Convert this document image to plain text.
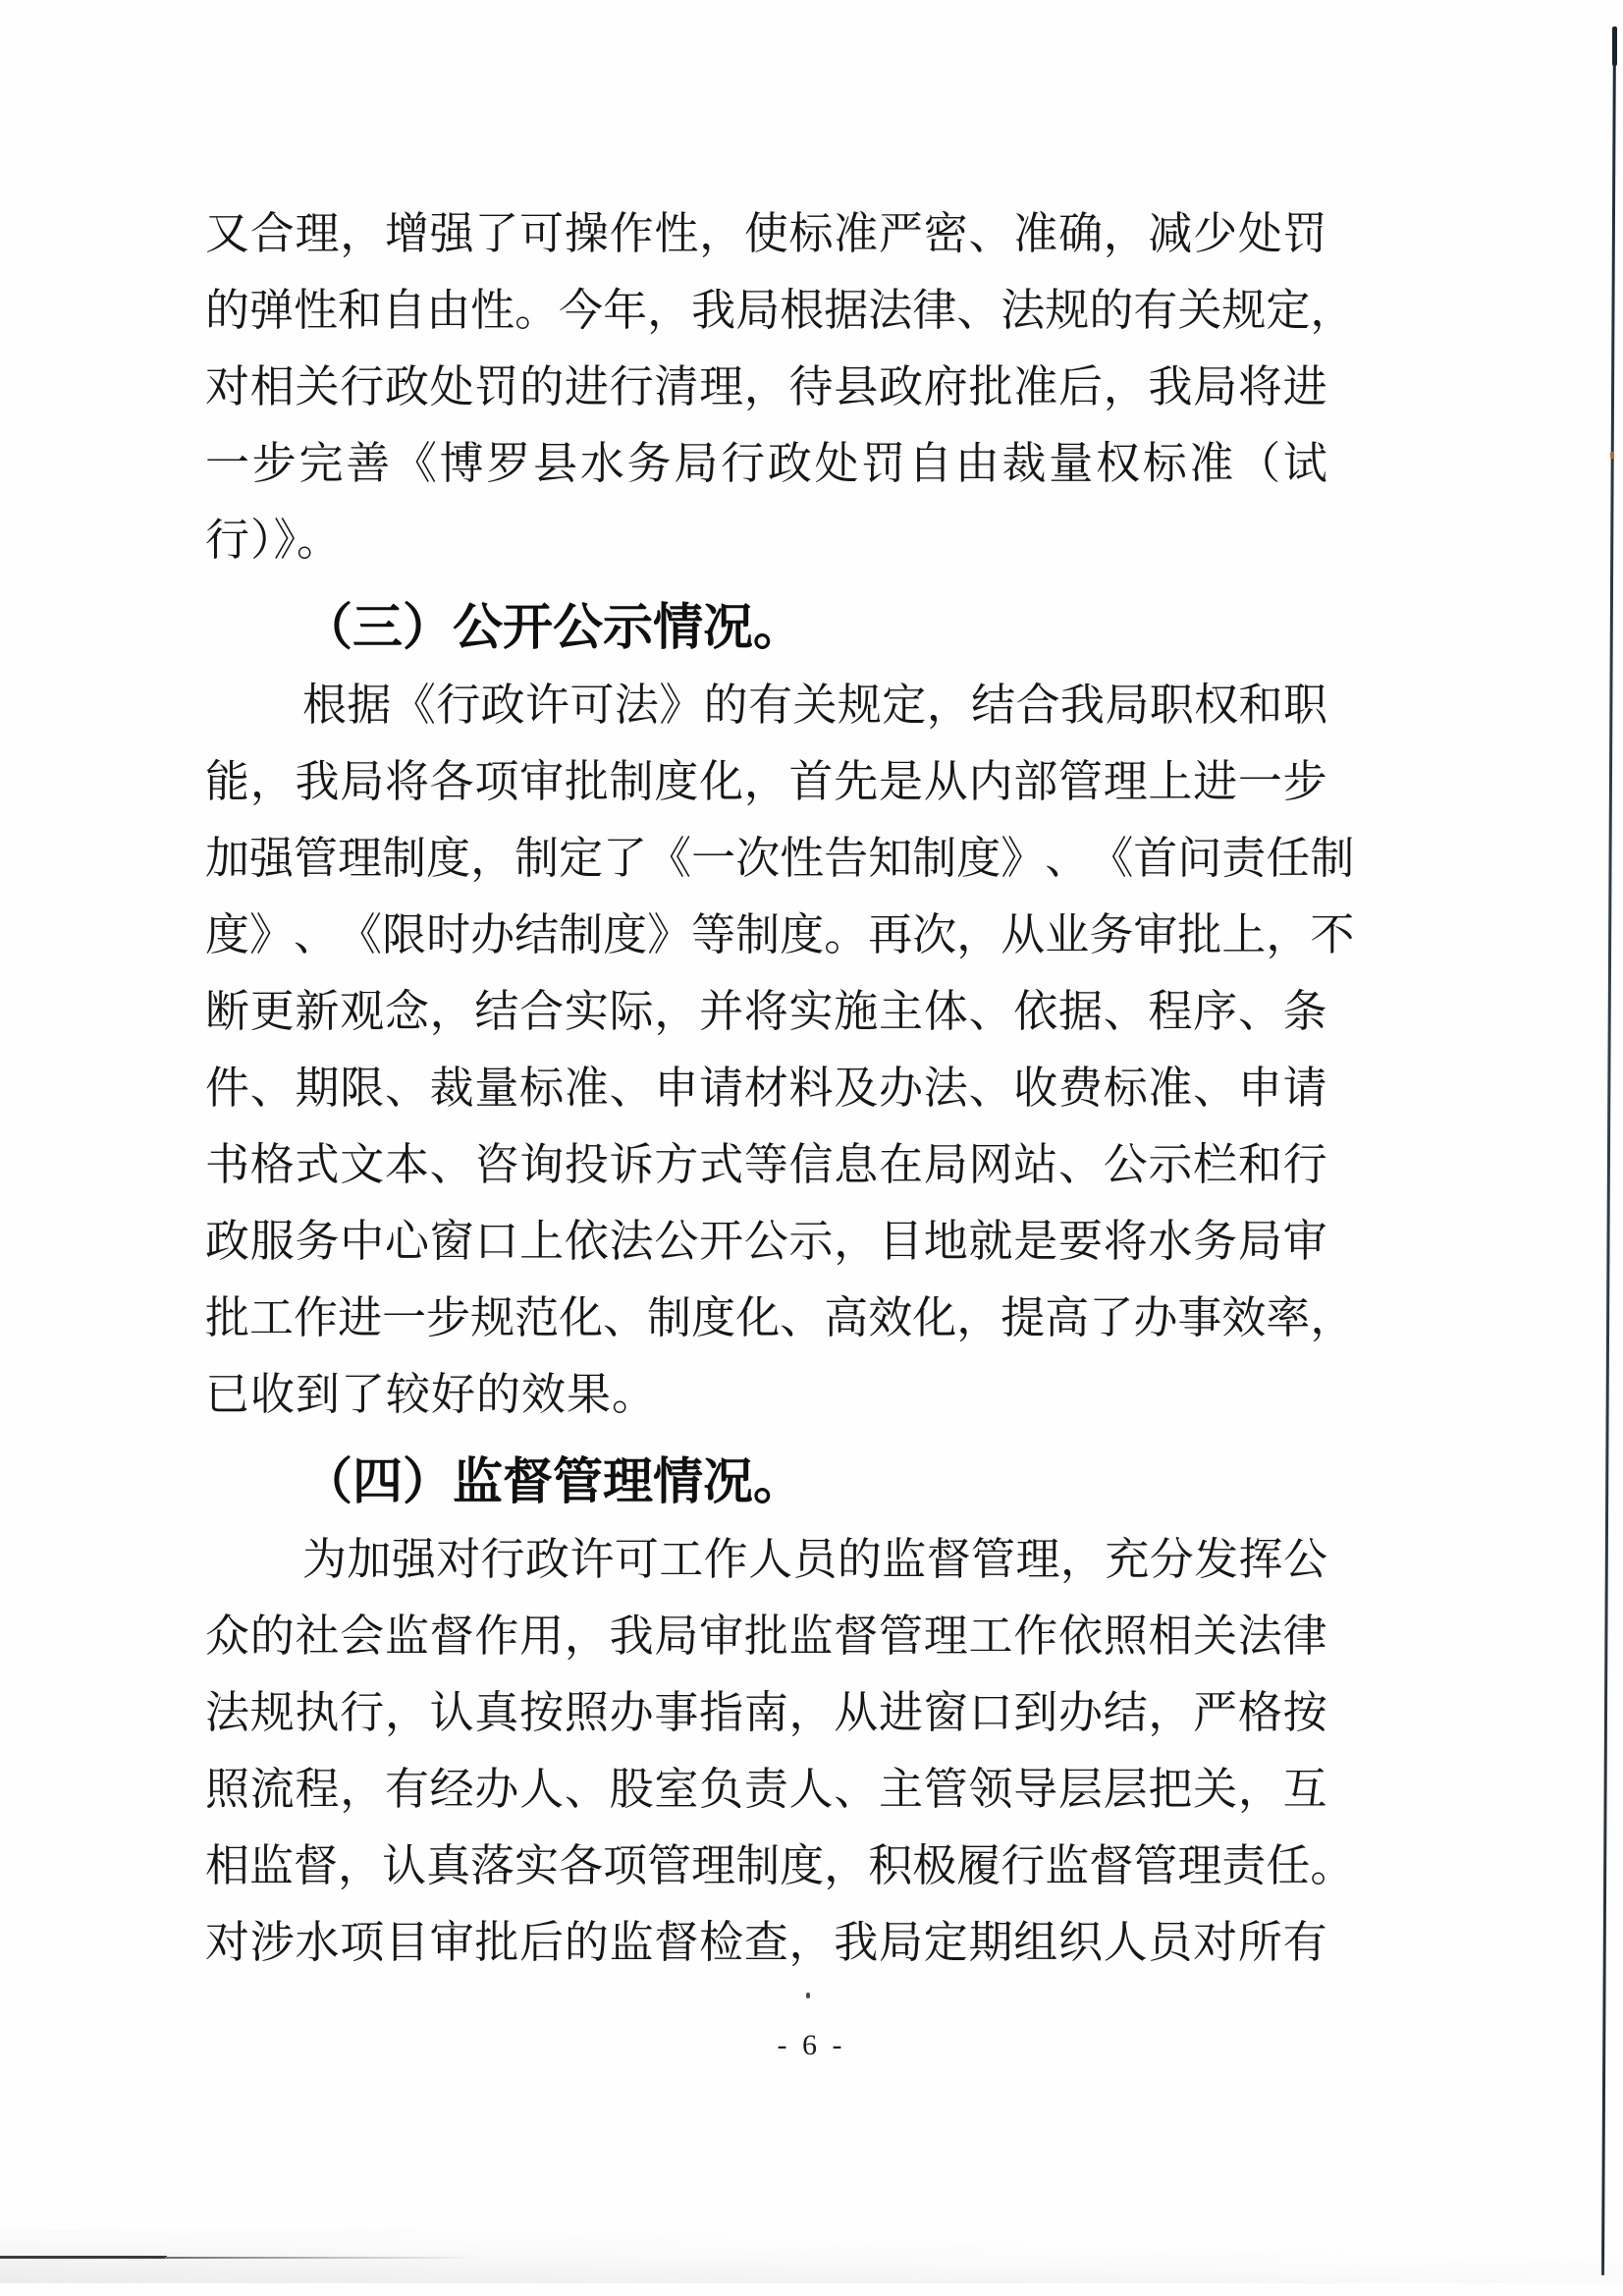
又 合 理 ， 增 强 了 可 操 作 性 ， 使 标 准 严 密 、 准 确 ， 减 少 处 罚
的 弹 性 和 自 由 性 。 今 年 ， 我 局 根 据 法 律 、 法 规 的 有 关 规 定 ，
对 相 关 行 政 处 罚 的 进 行 清 理 ， 待 县 政 府 批 准 后 ， 我 局 将 进
一 步 完 善 《 博 罗 县 水 务 局 行 政 处 罚 自 由 裁 量 权 标 准 （ 试
行）》。
（三）公开公示情况。
根 据 《 行 政 许 可 法 》 的 有 关 规 定 ， 结 合 我 局 职 权 和 职
能 ， 我 局 将 各 项 审 批 制 度 化 ， 首 先 是 从 内 部 管 理 上 进 一 步
加 强 管 理 制 度 ， 制 定 了 《 一 次 性 告 知 制 度 》 、 《 首 问 责 任 制
度 》 、 《 限 时 办 结 制 度 》 等 制 度 。 再 次 ， 从 业 务 审 批 上 ， 不
断 更 新 观 念 ， 结 合 实 际 ， 并 将 实 施 主 体 、 依 据 、 程 序 、 条
件 、 期 限 、 裁 量 标 准 、 申 请 材 料 及 办 法 、 收 费 标 准 、 申 请
书 格 式 文 本 、 咨 询 投 诉 方 式 等 信 息 在 局 网 站 、 公 示 栏 和 行
政 服 务 中 心 窗 口 上 依 法 公 开 公 示 ， 目 地 就 是 要 将 水 务 局 审
批 工 作 进 一 步 规 范 化 、 制 度 化 、 高 效 化 ， 提 高 了 办 事 效 率 ，
已收到了较好的效果。
（四）监督管理情况。
为 加 强 对 行 政 许 可 工 作 人 员 的 监 督 管 理 ， 充 分 发 挥 公
众 的 社 会 监 督 作 用 ， 我 局 审 批 监 督 管 理 工 作 依 照 相 关 法 律
法 规 执 行 ， 认 真 按 照 办 事 指 南 ， 从 进 窗 口 到 办 结 ， 严 格 按
照 流 程 ， 有 经 办 人 、 股 室 负 责 人 、 主 管 领 导 层 层 把 关 ， 互
相 监 督 ， 认 真 落 实 各 项 管 理 制 度 ， 积 极 履 行 监 督 管 理 责 任 。
对 涉 水 项 目 审 批 后 的 监 督 检 查 ， 我 局 定 期 组 织 人 员 对 所 有
- 6 -
